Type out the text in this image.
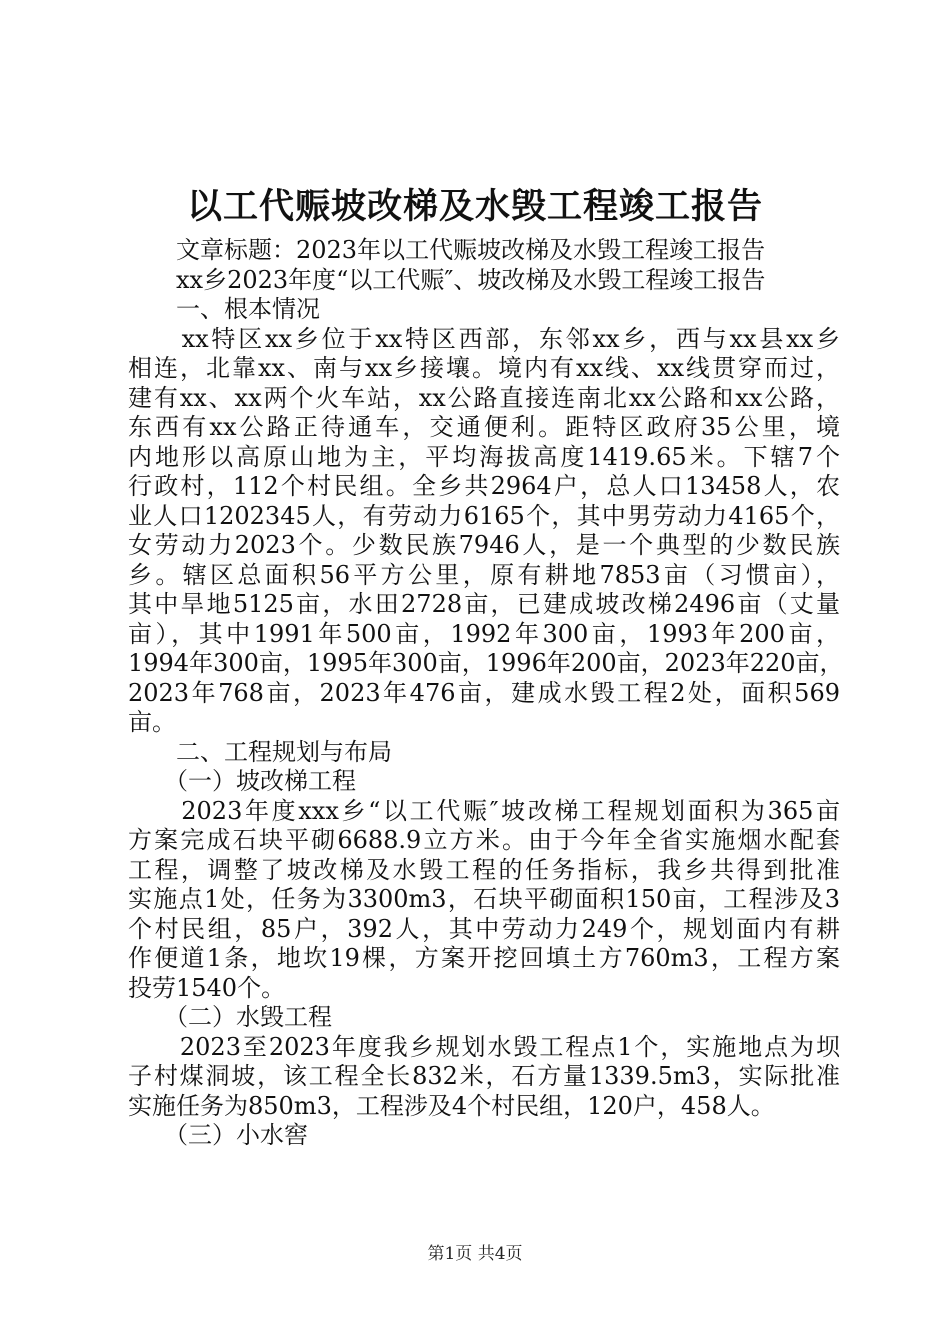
以工代赈坡改梯及水毁工程竣工报告
　　文章标题：2023年以工代赈坡改梯及水毁工程竣工报告
　　xx乡2023年度“以工代赈″、坡改梯及水毁工程竣工报告
　　一、根本情况
　　xx特区xx乡位于xx特区西部，东邻xx乡，西与xx县xx乡
相连，北靠xx、南与xx乡接壤。境内有xx线、xx线贯穿而过，
建有xx、xx两个火车站，xx公路直接连南北xx公路和xx公路，
东西有xx公路正待通车，交通便利。距特区政府35公里，境
内地形以高原山地为主，平均海拔高度1419.65米。下辖7个
行政村，112个村民组。全乡共2964户，总人口13458人，农
业人口1202345人，有劳动力6165个，其中男劳动力4165个，
女劳动力2023个。少数民族7946人，是一个典型的少数民族
乡。辖区总面积56平方公里，原有耕地7853亩（习惯亩），
其中旱地5125亩，水田2728亩，已建成坡改梯2496亩（丈量
亩），其中1991年500亩，1992年300亩，1993年200亩，
1994年300亩，1995年300亩，1996年200亩，2023年220亩，
2023年768亩，2023年476亩，建成水毁工程2处，面积569
亩。
　　二、工程规划与布局
　　（一）坡改梯工程
　　2023年度xxx乡“以工代赈″坡改梯工程规划面积为365亩
方案完成石块平砌6688.9立方米。由于今年全省实施烟水配套
工程，调整了坡改梯及水毁工程的任务指标，我乡共得到批准
实施点1处，任务为3300m3，石块平砌面积150亩，工程涉及3
个村民组，85户，392人，其中劳动力249个，规划面内有耕
作便道1条，地坎19棵，方案开挖回填土方760m3，工程方案
投劳1540个。
　　（二）水毁工程
　　2023至2023年度我乡规划水毁工程点1个，实施地点为坝
子村煤洞坡，该工程全长832米，石方量1339.5m3，实际批准
实施任务为850m3，工程涉及4个村民组，120户，458人。
　　（三）小水窖
第1页 共4页
